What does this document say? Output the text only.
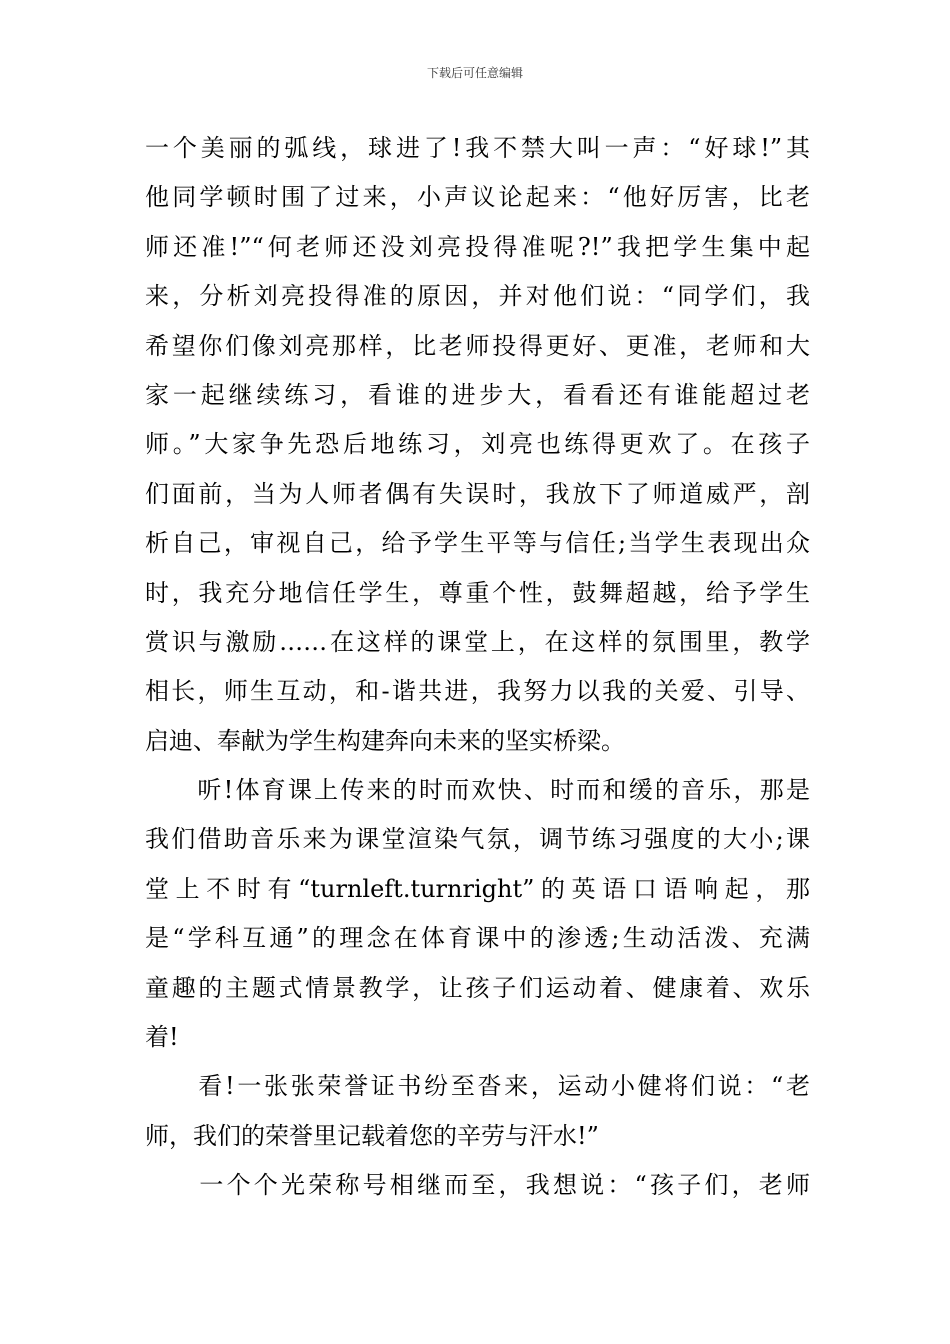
下载后可任意编辑
一个美丽的弧线，球进了!我不禁大叫一声：“好球!”其
他同学顿时围了过来，小声议论起来：“他好厉害，比老
师还准!”“何老师还没刘亮投得准呢?!”我把学生集中起
来，分析刘亮投得准的原因，并对他们说：“同学们，我
希望你们像刘亮那样，比老师投得更好、更准，老师和大
家一起继续练习，看谁的进步大，看看还有谁能超过老
师。”大家争先恐后地练习，刘亮也练得更欢了。在孩子
们面前，当为人师者偶有失误时，我放下了师道威严，剖
析自己，审视自己，给予学生平等与信任;当学生表现出众
时，我充分地信任学生，尊重个性，鼓舞超越，给予学生
赏识与激励……在这样的课堂上，在这样的氛围里，教学
相长，师生互动，和-谐共进，我努力以我的关爱、引导、
启迪、奉献为学生构建奔向未来的坚实桥梁。
　　听!体育课上传来的时而欢快、时而和缓的音乐，那是
我们借助音乐来为课堂渲染气氛，调节练习强度的大小;课
堂上不时有“turnleft.turnright”的英语口语响起，那
是“学科互通”的理念在体育课中的渗透;生动活泼、充满
童趣的主题式情景教学，让孩子们运动着、健康着、欢乐
着!
　　看!一张张荣誉证书纷至沓来，运动小健将们说：“老
师，我们的荣誉里记载着您的辛劳与汗水!”
　　一个个光荣称号相继而至，我想说：“孩子们，老师
